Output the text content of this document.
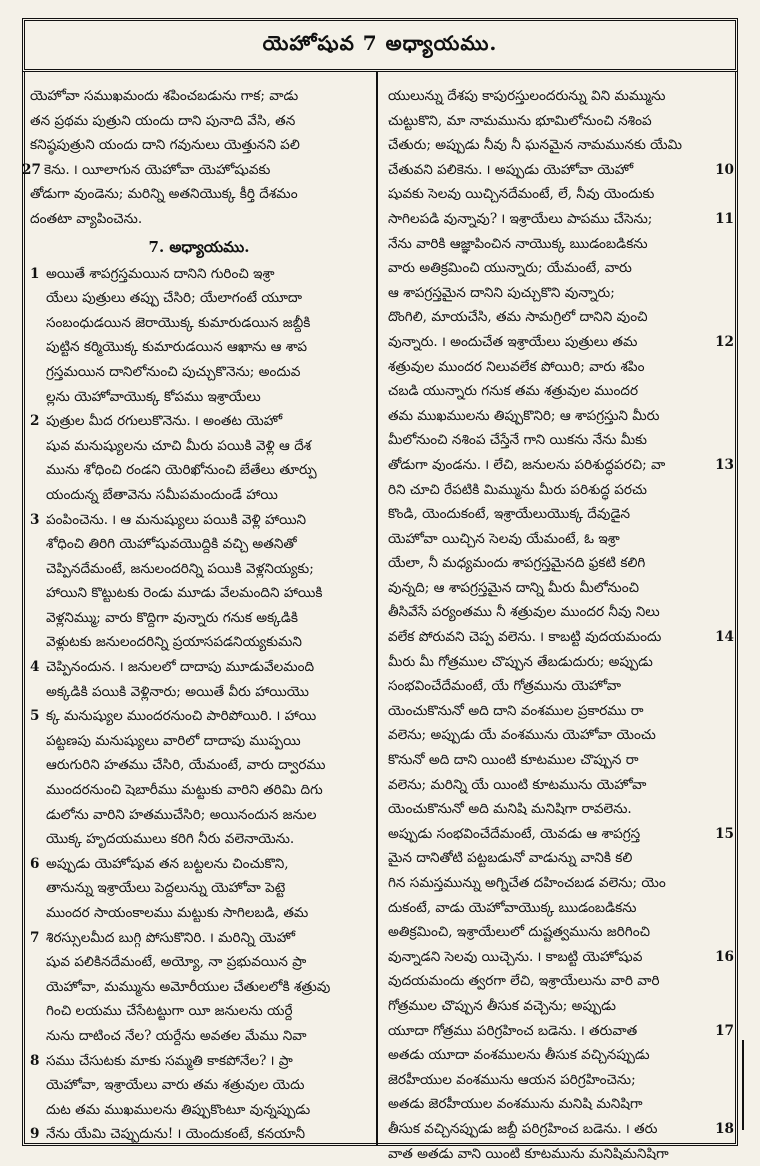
యెహోషువ 7 అధ్యాయము.
యెహోవా సముఖమందు శపించబడును గాక; వాడు
తన ప్రథమ పుత్రుని యందు దాని పునాది వేసి, తన
కనిష్ఠపుత్రుని యందు దాని గవునులు యెత్తునని పలి
27 కెను. ౹ యీలాగున యెహోవా యెహోషువకు
తోడుగా వుండెను; మరిన్ని అతనియొక్క కీర్తి దేశమం
దంతటా వ్యాపించెను.
7. అధ్యాయము.
1 అయితే శాపగ్రస్తమయిన దానిని గురించి ఇశ్రా
యేలు పుత్రులు తప్పు చేసిరి; యేలాగంటే యూదా
సంబంధుడయిన జెరాయొక్క కుమారుడయిన జబ్దీకి
పుట్టిన కర్మియొక్క కుమారుడయిన ఆఖాను ఆ శాప
గ్రస్తమయిన దానిలోనుంచి పుచ్చుకొనెను; అందువ
ల్లను యెహోవాయొక్క కోపము ఇశ్రాయేలు
2 పుత్రుల మీద రగులుకొనెను. ౹ అంతట యెహో
షువ మనుష్యులను చూచి మీరు పయికి వెళ్లి ఆ దేశ
మును శోధించి రండని యెరిఖోనుంచి బేతేలు తూర్పు
యందున్న బేతావెను సమీపమందుండే హాయి
3 పంపించెను. ౹ ఆ మనుష్యులు పయికి వెళ్లి హాయిని
శోధించి తిరిగి యెహోషువయొద్దికి వచ్చి అతనితో
చెప్పినదేమంటే, జనులందరిన్ని పయికి వెళ్లనియ్యకు;
హాయిని కొట్టుటకు రెండు మూడు వేలమందిని హాయికి
వెళ్లనిమ్ము; వారు కొద్దిగా వున్నారు గనుక అక్కడికి
వెళ్లుటకు జనులందరిన్ని ప్రయాసపడనియ్యకుమని
4 చెప్పినందున. ౹ జనులలో దాదాపు మూడువేలమంది
అక్కడికి పయికి వెళ్లినారు; అయితే వీరు హాయియొ
5 క్క మనుష్యుల ముందరనుంచి పారిపోయిరి. ౹ హాయి
పట్టణపు మనుష్యులు వారిలో దాదాపు ముప్పయి
ఆరుగురిని హతము చేసిరి, యేమంటే, వారు ద్వారము
ముందరనుంచి షెబారీము మట్టుకు వారిని తరిమి దిగు
డులోను వారిని హతముచేసిరి; అయినందున జనుల
యొక్క హృదయములు కరిగి నీరు వలెనాయెను.
6 అప్పుడు యెహోషువ తన బట్టలను చించుకొని,
తానున్ను ఇశ్రాయేలు పెద్దలున్ను యెహోవా పెట్టె
ముందర సాయంకాలము మట్టుకు సాగిలబడి, తమ
7 శిరస్సులమీద బుగ్గి పోసుకొనిరి. ౹ మరిన్ని యెహో
షువ పలికినదేమంటే, అయ్యో, నా ప్రభువయిన ప్రా
యెహోవా, మమ్మును అమోరీయుల చేతులలోకి శత్రువు
గించి లయము చేసేటట్టుగా యీ జనులను యర్దే
నును దాటించ నేల? యర్దేను అవతల మేము నివా
8 సము చేసుటకు మాకు సమ్మతి కాకపోనేల? ౹ ప్రా
యెహోవా, ఇశ్రాయేలు వారు తమ శత్రువుల యెదు
దుట తమ ముఖములను తిప్పుకొంటూ వున్నప్పుడు
9 నేను యేమి చెప్పుదును! ౹ యెందుకంటే, కనయానీ
యులున్ను దేశపు కాపురస్తులందరున్ను విని మమ్మును
చుట్టుకొని, మా నామమును భూమిలోనుంచి నశింప
చేతురు; అప్పుడు నీవు నీ ఘనమైన నామమునకు యేమి
చేతువని పలికెను. ౹ అప్పుడు యెహోవా యెహో	10
షువకు సెలవు యిచ్చినదేమంటే, లే, నీవు యెందుకు
సాగిలపడి వున్నావు? ౹ ఇశ్రాయేలు పాపము చేసెను;	11
నేను వారికి ఆజ్ఞాపించిన నాయొక్క ఋడంబడికను
వారు అతిక్రమించి యున్నారు; యేమంటే, వారు
ఆ శాపగ్రస్తమైన దానిని పుచ్చుకొని వున్నారు;
దొంగిలి, మాయచేసి, తమ సామగ్రిలో దానిని వుంచి
వున్నారు. ౹ అందుచేత ఇశ్రాయేలు పుత్రులు తమ	12
శత్రువుల ముందర నిలువలేక పోయిరి; వారు శపిం
చబడి యున్నారు గనుక తమ శత్రువుల ముందర
తమ ముఖములను తిప్పుకొనిరి; ఆ శాపగ్రస్తుని మీరు
మీలోనుంచి నశింప చేస్తేనే గాని యికను నేను మీకు
తోడుగా వుండను. ౹ లేచి, జనులను పరిశుద్ధపరచి; వా	13
రిని చూచి రేపటికి మిమ్మును మీరు పరిశుద్ధ పరచు
కొండి, యెందుకంటే, ఇశ్రాయేలుయొక్క దేవుడైన
యెహోవా యిచ్చిన సెలవు యేమంటే, ఓ ఇశ్రా
యేలా, నీ మధ్యమందు శాపగ్రస్తమైనది ఫ్రకటి కలిగి
వున్నది; ఆ శాపగ్రస్తమైన దాన్ని మీరు మీలోనుంచి
తీసివేసే పర్యంతము నీ శత్రువుల ముందర నీవు నిలు
వలేక పోరువని చెప్ప వలెను. ౹ కాబట్టి వుదయమందు	14
మీరు మీ గోత్రముల చొప్పున తేబడుదురు; అప్పుడు
సంభవించేదేమంటే, యే గోత్రమును యెహోవా
యెంచుకొనునో అది దాని వంశముల ప్రకారము రా
వలెను; అప్పుడు యే వంశమును యెహోవా యెంచు
కొనునో అది దాని యింటి కూటముల చొప్పున రా
వలెను; మరిన్ని యే యింటి కూటమును యెహోవా
యెంచుకొనునో అది మనిషి మనిషిగా రావలెను.
అప్పుడు సంభవించేదేమంటే, యెవడు ఆ శాపగ్రస్త	15
మైన దానితోటి పట్టబడునో వాడున్ను వానికి కలి
గిన సమస్తమున్ను అగ్నిచేత దహించబడ వలెను; యెం
దుకంటే, వాడు యెహోవాయొక్క ఋడంబడికను
అతిక్రమించి, ఇశ్రాయేలులో దుష్టత్వమును జరిగించి
వున్నాడని సెలవు యిచ్చెను. ౹ కాబట్టి యెహోషువ	16
వుదయమందు త్వరగా లేచి, ఇశ్రాయేలును వారి వారి
గోత్రముల చొప్పున తీసుక వచ్చెను; అప్పుడు
యూదా గోత్రము పరిగ్రహించ బడెను. ౹ తరువాత	17
అతడు యూదా వంశములను తీసుక వచ్చినప్పుడు
జెరహీయుల వంశమును ఆయన పరిగ్రహించెను;
అతడు జెరహీయుల వంశమును మనిషి మనిషిగా
తీసుక వచ్చినప్పుడు జబ్దీ పరిగ్రహించ బడెను. ౹ తరు	18
వాత అతడు వాని యింటి కూటమును మనిషిమనిషిగా
